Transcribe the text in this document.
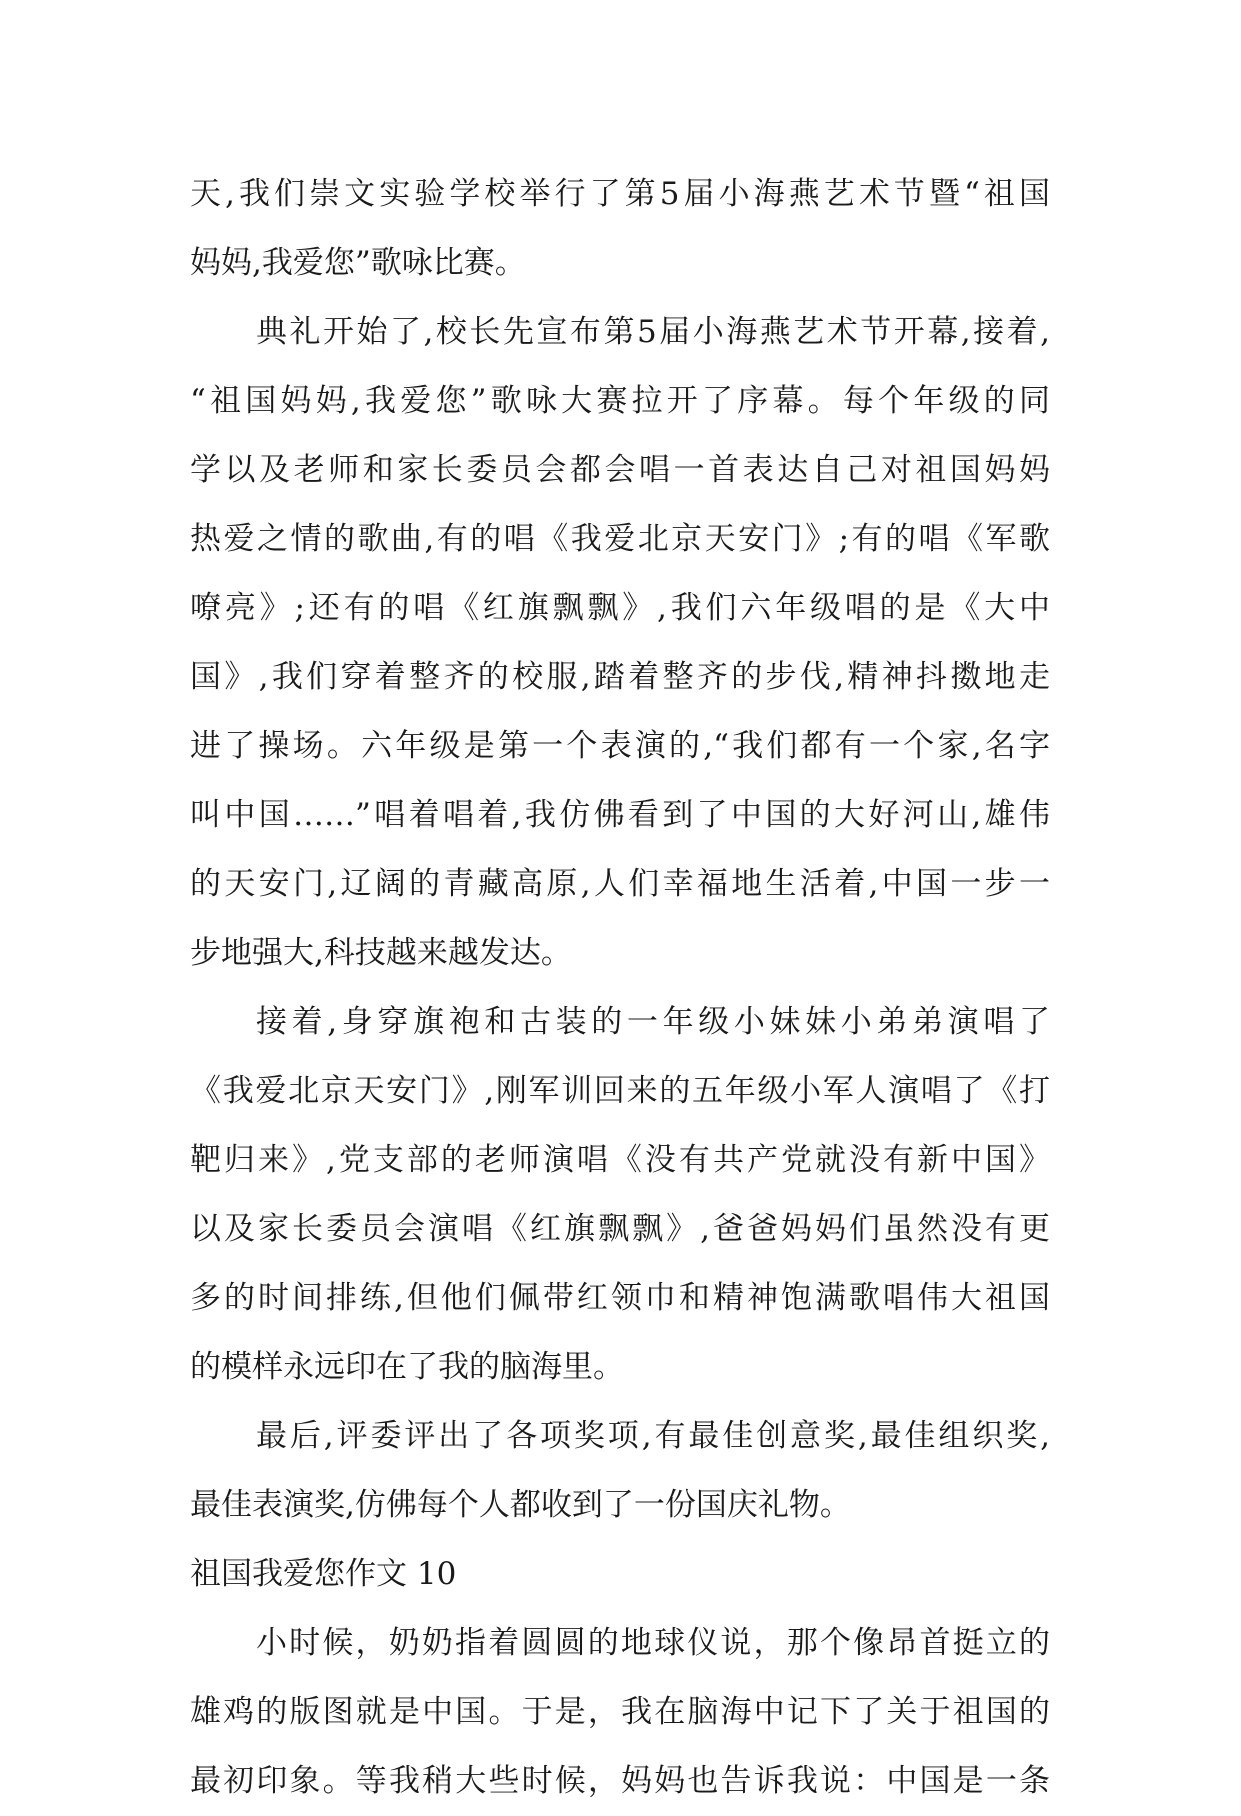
天,我们崇文实验学校举行了第5届小海燕艺术节暨“祖国
妈妈,我爱您”歌咏比赛。
典礼开始了,校长先宣布第5届小海燕艺术节开幕,接着,
“祖国妈妈,我爱您”歌咏大赛拉开了序幕。每个年级的同
学以及老师和家长委员会都会唱一首表达自己对祖国妈妈
热爱之情的歌曲,有的唱《我爱北京天安门》;有的唱《军歌
嘹亮》;还有的唱《红旗飘飘》,我们六年级唱的是《大中
国》,我们穿着整齐的校服,踏着整齐的步伐,精神抖擞地走
进了操场。六年级是第一个表演的,“我们都有一个家,名字
叫中国……”唱着唱着,我仿佛看到了中国的大好河山,雄伟
的天安门,辽阔的青藏高原,人们幸福地生活着,中国一步一
步地强大,科技越来越发达。
接着,身穿旗袍和古装的一年级小妹妹小弟弟演唱了
《我爱北京天安门》,刚军训回来的五年级小军人演唱了《打
靶归来》,党支部的老师演唱《没有共产党就没有新中国》
以及家长委员会演唱《红旗飘飘》,爸爸妈妈们虽然没有更
多的时间排练,但他们佩带红领巾和精神饱满歌唱伟大祖国
的模样永远印在了我的脑海里。
最后,评委评出了各项奖项,有最佳创意奖,最佳组织奖,
最佳表演奖,仿佛每个人都收到了一份国庆礼物。
祖国我爱您作文 10
小时候，奶奶指着圆圆的地球仪说，那个像昂首挺立的
雄鸡的版图就是中国。于是，我在脑海中记下了关于祖国的
最初印象。等我稍大些时候，妈妈也告诉我说：中国是一条
